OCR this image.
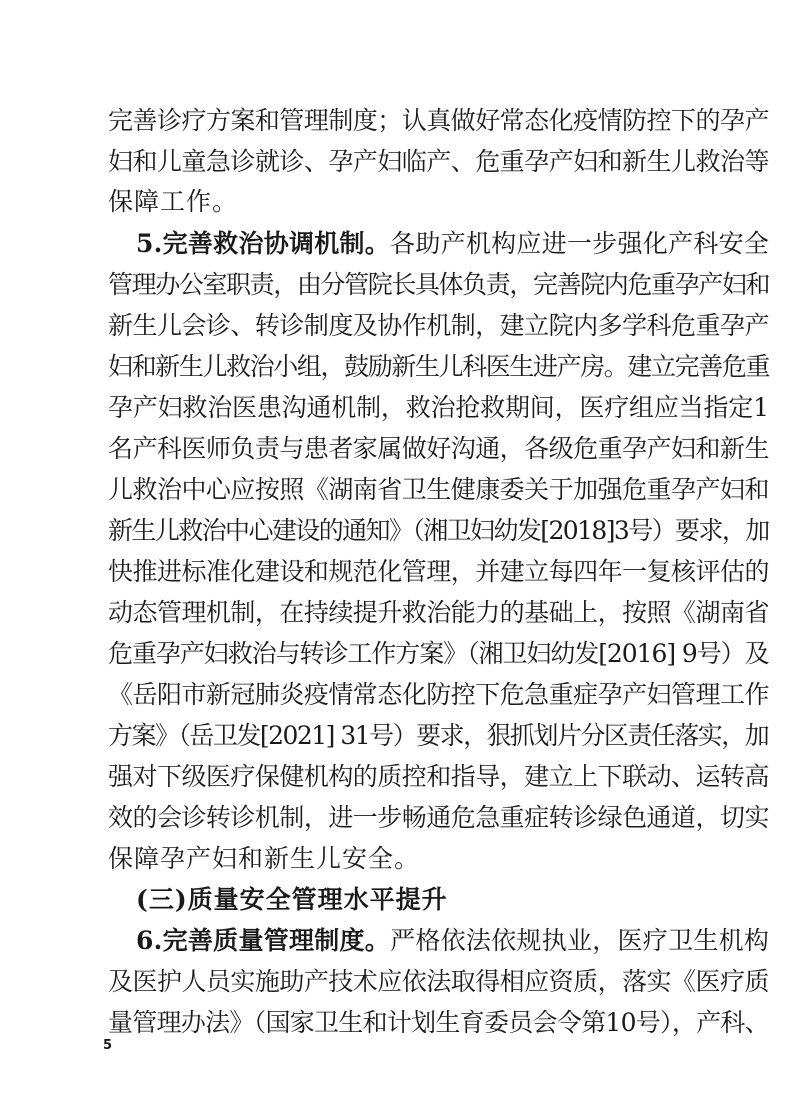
完善诊疗方案和管理制度；认真做好常态化疫情防控下的孕产

妇和儿童急诊就诊、孕产妇临产、危重孕产妇和新生儿救治等

保障工作。

5.完善救治协调机制。各助产机构应进一步强化产科安全

管理办公室职责，由分管院长具体负责，完善院内危重孕产妇和

新生儿会诊、转诊制度及协作机制，建立院内多学科危重孕产

妇和新生儿救治小组，鼓励新生儿科医生进产房。建立完善危重

孕产妇救治医患沟通机制，救治抢救期间，医疗组应当指定1

名产科医师负责与患者家属做好沟通，各级危重孕产妇和新生

儿救治中心应按照《湖南省卫生健康委关于加强危重孕产妇和

新生儿救治中心建设的通知》（湘卫妇幼发[2018]3号）要求，加

快推进标准化建设和规范化管理，并建立每四年一复核评估的

动态管理机制，在持续提升救治能力的基础上，按照《湖南省

危重孕产妇救治与转诊工作方案》（湘卫妇幼发[2016] 9号）及

《岳阳市新冠肺炎疫情常态化防控下危急重症孕产妇管理工作

方案》（岳卫发[2021] 31号）要求，狠抓划片分区责任落实，加

强对下级医疗保健机构的质控和指导，建立上下联动、运转高

效的会诊转诊机制，进一步畅通危急重症转诊绿色通道，切实

保障孕产妇和新生儿安全。

(三)质量安全管理水平提升

6.完善质量管理制度。严格依法依规执业，医疗卫生机构

及医护人员实施助产技术应依法取得相应资质，落实《医疗质

量管理办法》（国家卫生和计划生育委员会令第10号），产科、

5
